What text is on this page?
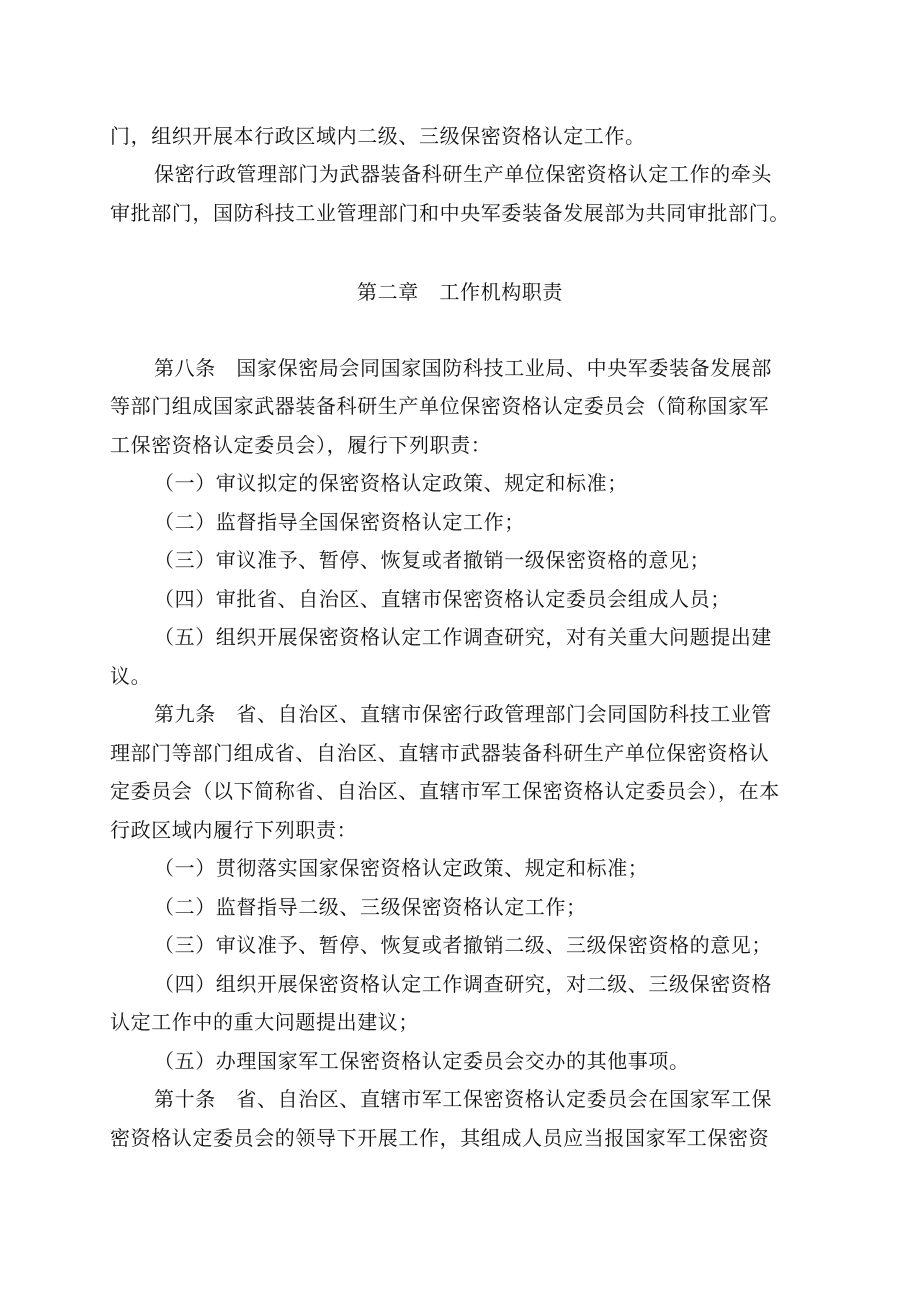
门，组织开展本行政区域内二级、三级保密资格认定工作。
保密行政管理部门为武器装备科研生产单位保密资格认定工作的牵头
审批部门，国防科技工业管理部门和中央军委装备发展部为共同审批部门。
第二章　工作机构职责
第八条　国家保密局会同国家国防科技工业局、中央军委装备发展部
等部门组成国家武器装备科研生产单位保密资格认定委员会（简称国家军
工保密资格认定委员会），履行下列职责：
（一）审议拟定的保密资格认定政策、规定和标准；
（二）监督指导全国保密资格认定工作；
（三）审议准予、暂停、恢复或者撤销一级保密资格的意见；
（四）审批省、自治区、直辖市保密资格认定委员会组成人员；
（五）组织开展保密资格认定工作调查研究，对有关重大问题提出建
议。
第九条　省、自治区、直辖市保密行政管理部门会同国防科技工业管
理部门等部门组成省、自治区、直辖市武器装备科研生产单位保密资格认
定委员会（以下简称省、自治区、直辖市军工保密资格认定委员会），在本
行政区域内履行下列职责：
（一）贯彻落实国家保密资格认定政策、规定和标准；
（二）监督指导二级、三级保密资格认定工作；
（三）审议准予、暂停、恢复或者撤销二级、三级保密资格的意见；
（四）组织开展保密资格认定工作调查研究，对二级、三级保密资格
认定工作中的重大问题提出建议；
（五）办理国家军工保密资格认定委员会交办的其他事项。
第十条　省、自治区、直辖市军工保密资格认定委员会在国家军工保
密资格认定委员会的领导下开展工作，其组成人员应当报国家军工保密资
